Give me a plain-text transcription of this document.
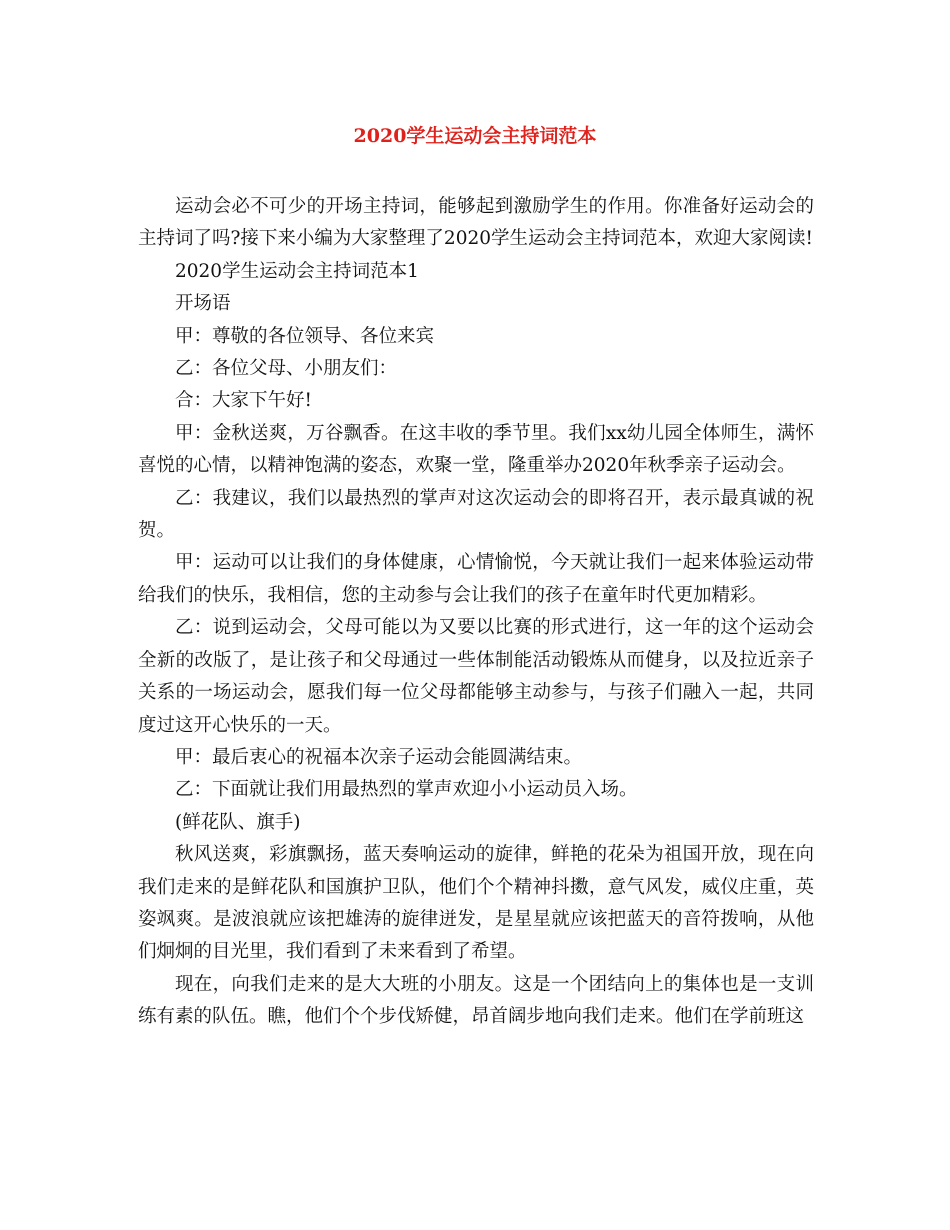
2020学生运动会主持词范本

运动会必不可少的开场主持词，能够起到激励学生的作用。你准备好运动会的主持词了吗?接下来小编为大家整理了2020学生运动会主持词范本，欢迎大家阅读!

2020学生运动会主持词范本1

开场语

甲：尊敬的各位领导、各位来宾

乙：各位父母、小朋友们：

合：大家下午好!

甲：金秋送爽，万谷飘香。在这丰收的季节里。我们xx幼儿园全体师生，满怀喜悦的心情，以精神饱满的姿态，欢聚一堂，隆重举办2020年秋季亲子运动会。

乙：我建议，我们以最热烈的掌声对这次运动会的即将召开，表示最真诚的祝贺。

甲：运动可以让我们的身体健康，心情愉悦，今天就让我们一起来体验运动带给我们的快乐，我相信，您的主动参与会让我们的孩子在童年时代更加精彩。

乙：说到运动会，父母可能以为又要以比赛的形式进行，这一年的这个运动会全新的改版了，是让孩子和父母通过一些体制能活动锻炼从而健身，以及拉近亲子关系的一场运动会，愿我们每一位父母都能够主动参与，与孩子们融入一起，共同度过这开心快乐的一天。

甲：最后衷心的祝福本次亲子运动会能圆满结束。

乙：下面就让我们用最热烈的掌声欢迎小小运动员入场。

(鲜花队、旗手)

秋风送爽，彩旗飘扬，蓝天奏响运动的旋律，鲜艳的花朵为祖国开放，现在向我们走来的是鲜花队和国旗护卫队，他们个个精神抖擞，意气风发，威仪庄重，英姿飒爽。是波浪就应该把雄涛的旋律迸发，是星星就应该把蓝天的音符拨响，从他们炯炯的目光里，我们看到了未来看到了希望。

现在，向我们走来的是大大班的小朋友。这是一个团结向上的集体也是一支训练有素的队伍。瞧，他们个个步伐矫健，昂首阔步地向我们走来。他们在学前班这
